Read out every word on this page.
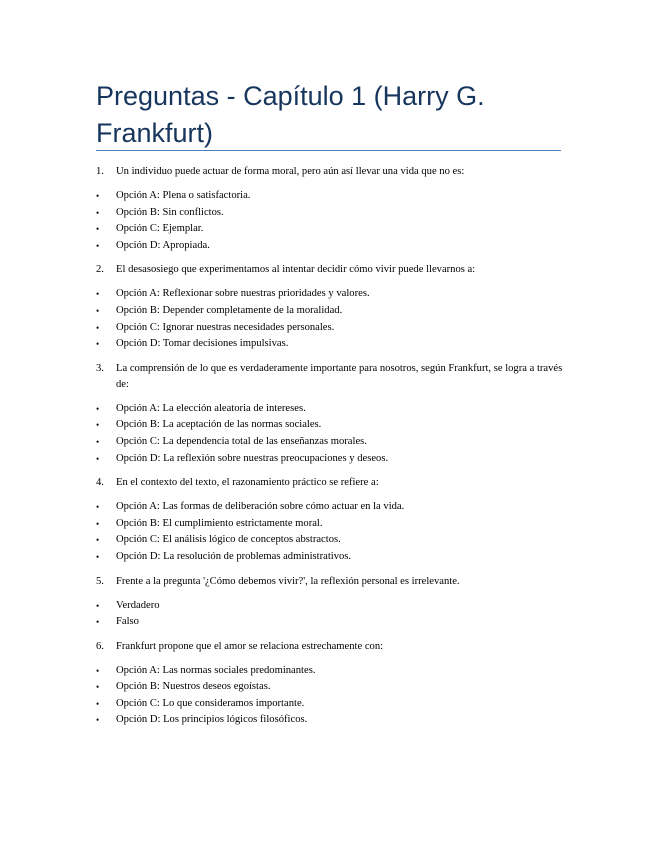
Preguntas - Capítulo 1 (Harry G. Frankfurt)
1.	Un individuo puede actuar de forma moral, pero aún así llevar una vida que no es:
•	Opción A: Plena o satisfactoria.
•	Opción B: Sin conflictos.
•	Opción C: Ejemplar.
•	Opción D: Apropiada.
2.	El desasosiego que experimentamos al intentar decidir cómo vivir puede llevarnos a:
•	Opción A: Reflexionar sobre nuestras prioridades y valores.
•	Opción B: Depender completamente de la moralidad.
•	Opción C: Ignorar nuestras necesidades personales.
•	Opción D: Tomar decisiones impulsivas.
3.	La comprensión de lo que es verdaderamente importante para nosotros, según Frankfurt, se logra a través de:
•	Opción A: La elección aleatoria de intereses.
•	Opción B: La aceptación de las normas sociales.
•	Opción C: La dependencia total de las enseñanzas morales.
•	Opción D: La reflexión sobre nuestras preocupaciones y deseos.
4.	En el contexto del texto, el razonamiento práctico se refiere a:
•	Opción A: Las formas de deliberación sobre cómo actuar en la vida.
•	Opción B: El cumplimiento estrictamente moral.
•	Opción C: El análisis lógico de conceptos abstractos.
•	Opción D: La resolución de problemas administrativos.
5.	Frente a la pregunta '¿Cómo debemos vivir?', la reflexión personal es irrelevante.
•	Verdadero
•	Falso
6.	Frankfurt propone que el amor se relaciona estrechamente con:
•	Opción A: Las normas sociales predominantes.
•	Opción B: Nuestros deseos egoístas.
•	Opción C: Lo que consideramos importante.
•	Opción D: Los principios lógicos filosóficos.
